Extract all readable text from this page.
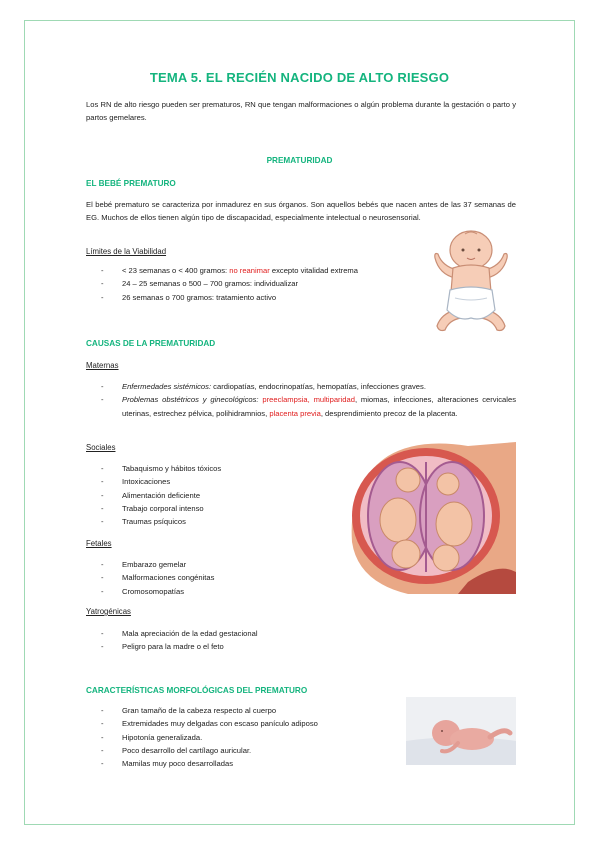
TEMA 5. EL RECIÉN NACIDO DE ALTO RIESGO

Los RN de alto riesgo pueden ser prematuros, RN que tengan malformaciones o algún problema durante la gestación o parto y partos gemelares.

PREMATURIDAD
EL BEBÉ PREMATURO

El bebé prematuro se caracteriza por inmadurez en sus órganos. Son aquellos bebés que nacen antes de las 37 semanas de EG. Muchos de ellos tienen algún tipo de discapacidad, especialmente intelectual o neurosensorial.

Límites de la Viabilidad
- < 23 semanas o < 400 gramos: no reanimar excepto vitalidad extrema
- 24 – 25 semanas o 500 – 700 gramos: individualizar
- 26 semanas o 700 gramos: tratamiento activo
CAUSAS DE LA PREMATURIDAD
Maternas
- Enfermedades sistémicos: cardiopatías, endocrinopatías, hemopatías, infecciones graves.
- Problemas obstétricos y ginecológicos: preeclampsia, multiparidad, miomas, infecciones, alteraciones cervicales uterinas, estrechez pélvica, polihidramnios, placenta previa, desprendimiento precoz de la placenta.
Sociales
- Tabaquismo y hábitos tóxicos
- Intoxicaciones
- Alimentación deficiente
- Trabajo corporal intenso
- Traumas psíquicos
Fetales
- Embarazo gemelar
- Malformaciones congénitas
- Cromosomopatías
Yatrogénicas
- Mala apreciación de la edad gestacional
- Peligro para la madre o el feto
CARACTERÍSTICAS MORFOLÓGICAS DEL PREMATURO
- Gran tamaño de la cabeza respecto al cuerpo
- Extremidades muy delgadas con escaso panículo adiposo
- Hipotonía generalizada.
- Poco desarrollo del cartílago auricular.
- Mamilas muy poco desarrolladas
